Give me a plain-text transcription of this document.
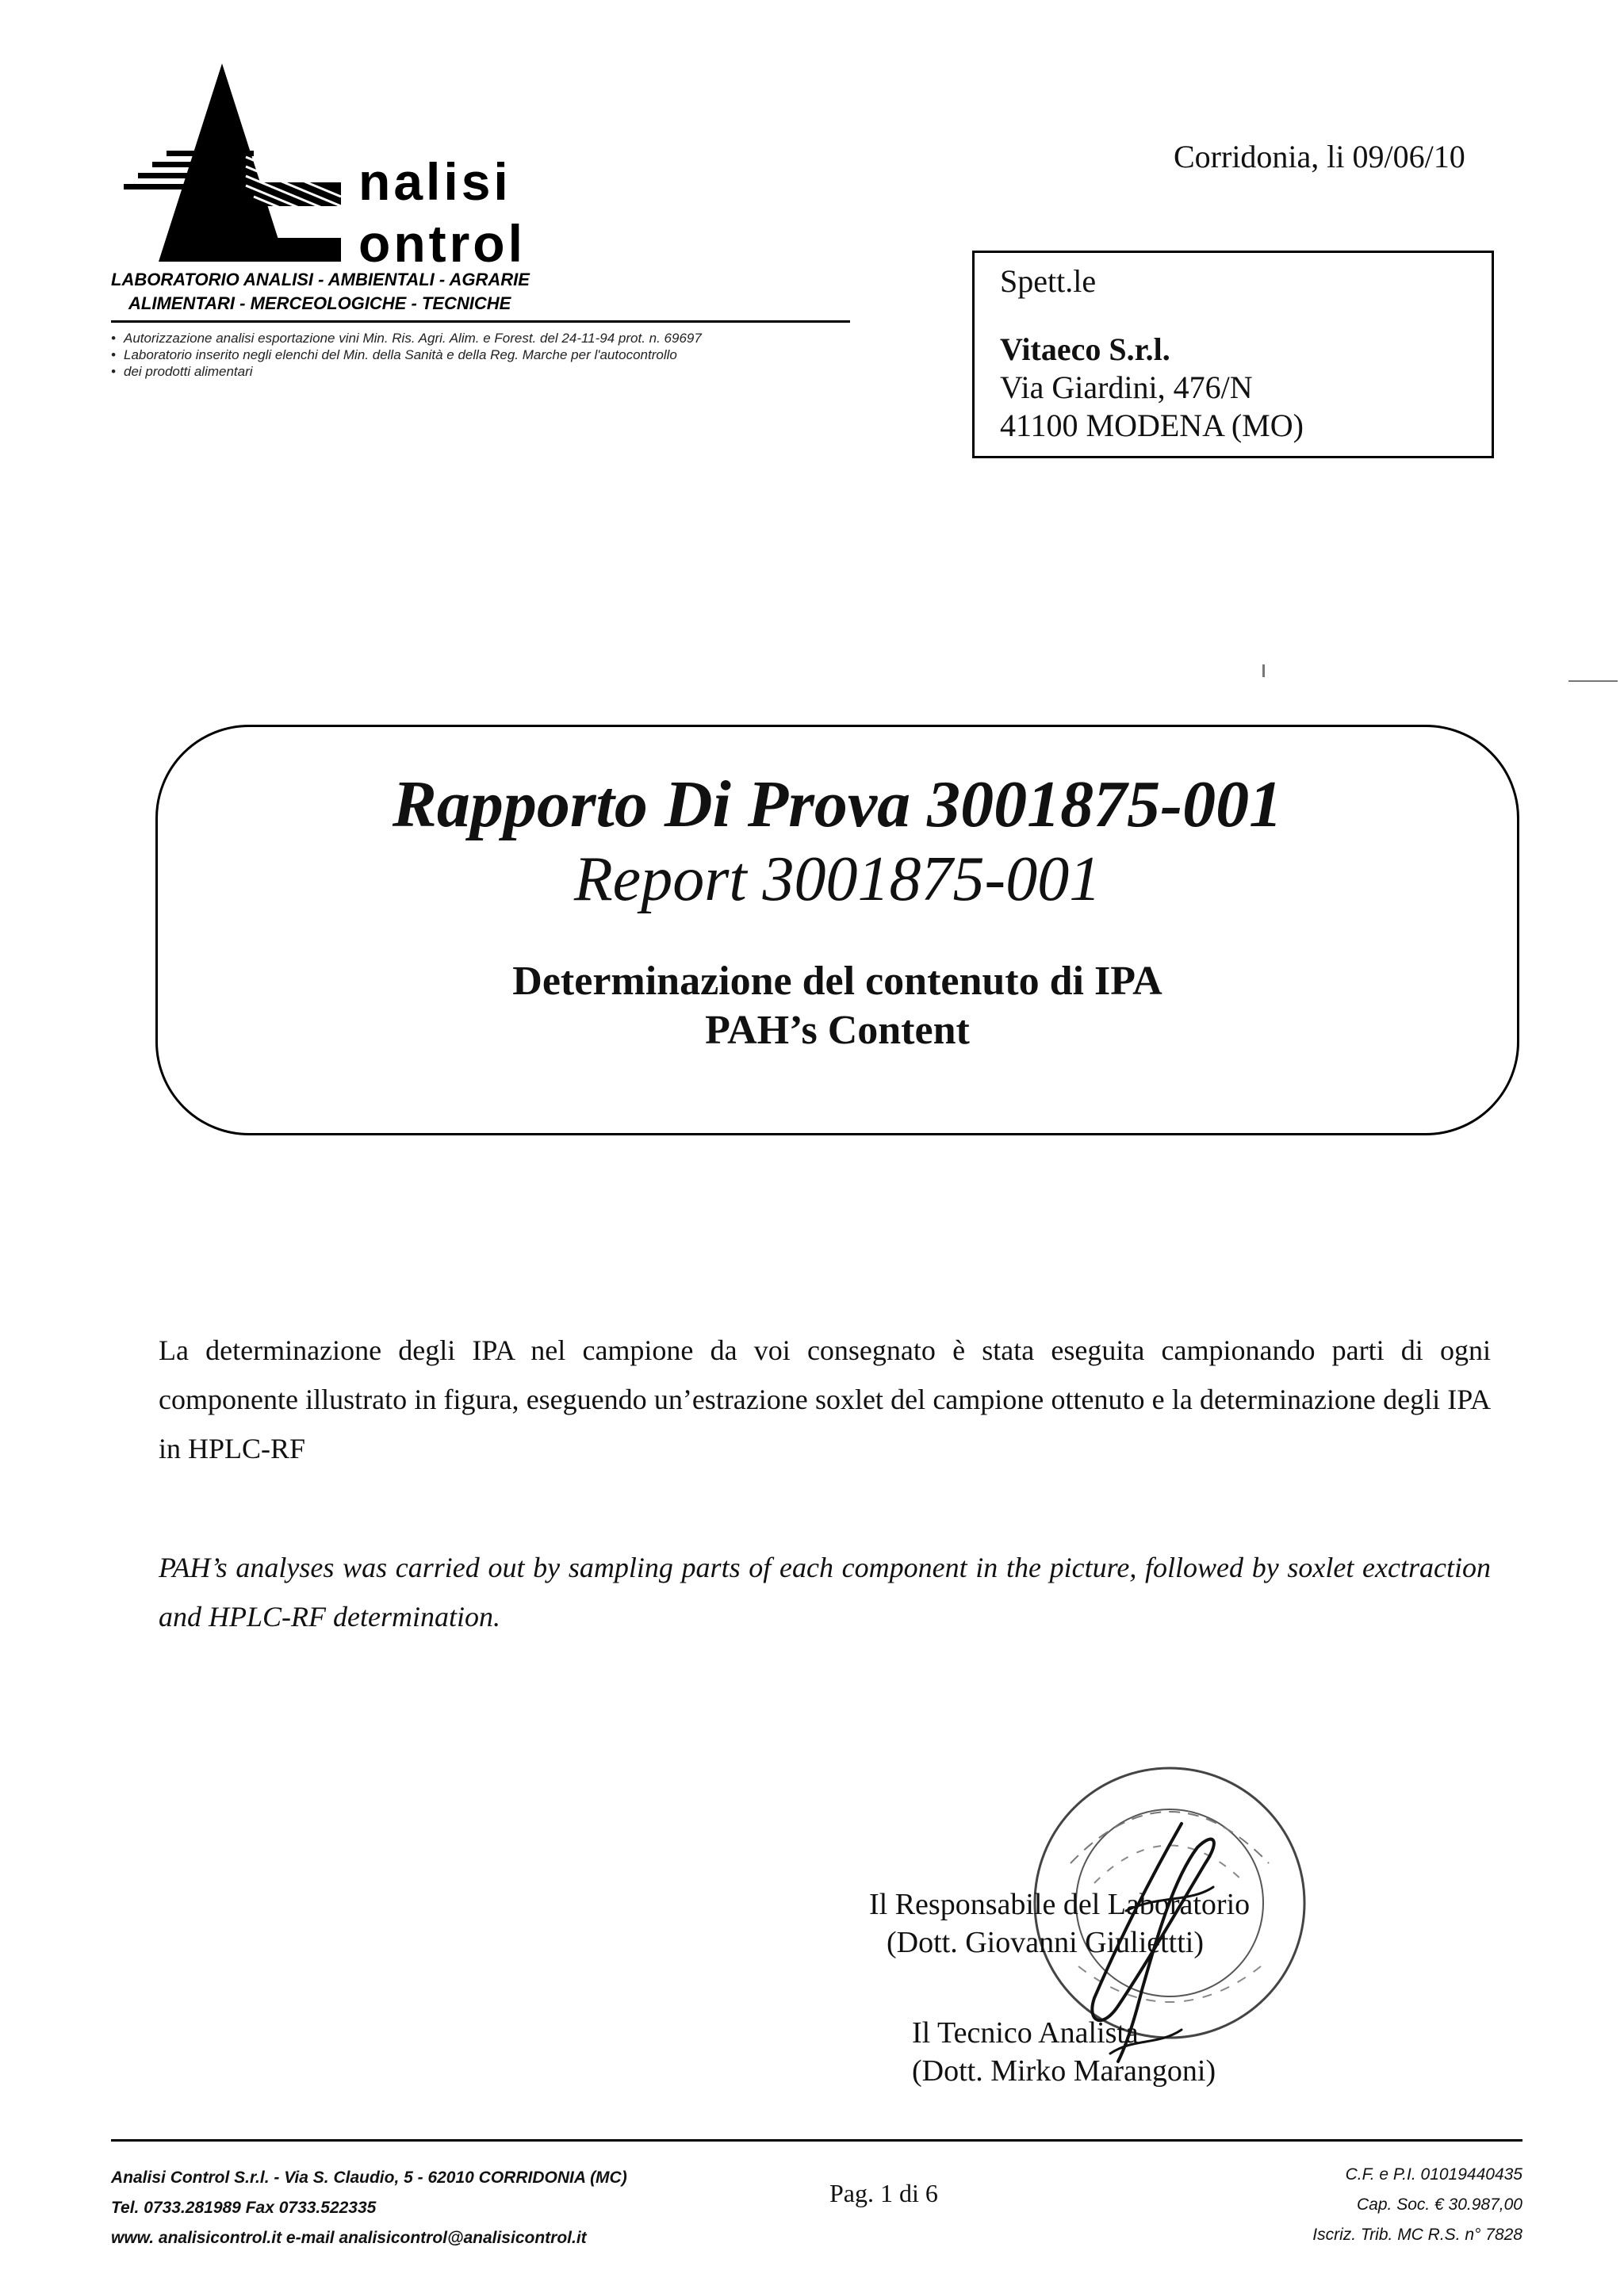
nalisi
ontrol
LABORATORIO ANALISI - AMBIENTALI - AGRARIE
ALIMENTARI - MERCEOLOGICHE - TECNICHE
• Autorizzazione analisi esportazione vini Min. Ris. Agri. Alim. e Forest. del 24-11-94 prot. n. 69697
• Laboratorio inserito negli elenchi del Min. della Sanità e della Reg. Marche per l'autocontrollo
• dei prodotti alimentari
Corridonia, li 09/06/10
Spett.le
Vitaeco S.r.l.
Via Giardini, 476/N
41100 MODENA (MO)
Rapporto Di Prova 3001875-001
Report 3001875-001
Determinazione del contenuto di IPA
PAH’s Content

La determinazione degli IPA nel campione da voi consegnato è stata eseguita campionando parti di ogni componente illustrato in figura, eseguendo un’estrazione soxlet del campione ottenuto e la determinazione degli IPA in HPLC-RF

PAH’s analyses was carried out by sampling parts of each component in the picture, followed by soxlet exctraction and HPLC-RF determination.

Il Responsabile del Laboratorio
(Dott. Giovanni Giuliettti)
Il Tecnico Analista
(Dott. Mirko Marangoni)
Analisi Control S.r.l. - Via S. Claudio, 5 - 62010 CORRIDONIA (MC)
Tel. 0733.281989 Fax 0733.522335
www. analisicontrol.it e-mail analisicontrol@analisicontrol.it
Pag. 1 di 6
C.F. e P.I. 01019440435
Cap. Soc. € 30.987,00
Iscriz. Trib. MC R.S. n° 7828
